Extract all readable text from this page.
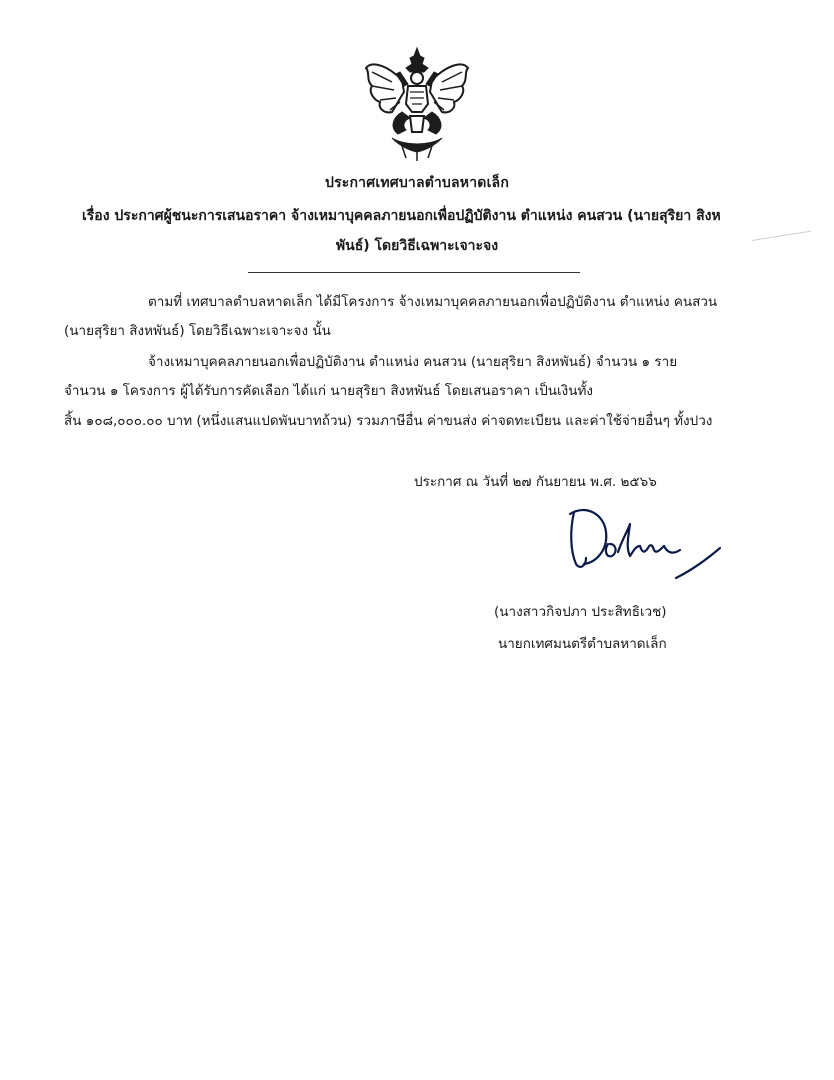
ประกาศเทศบาลตำบลหาดเล็ก
เรื่อง ประกาศผู้ชนะการเสนอราคา จ้างเหมาบุคคลภายนอกเพื่อปฏิบัติงาน ตำแหน่ง คนสวน (นายสุริยา สิงห
พันธ์) โดยวิธีเฉพาะเจาะจง
ตามที่ เทศบาลตำบลหาดเล็ก ได้มีโครงการ จ้างเหมาบุคคลภายนอกเพื่อปฏิบัติงาน ตำแหน่ง คนสวน
(นายสุริยา สิงหพันธ์) โดยวิธีเฉพาะเจาะจง นั้น
จ้างเหมาบุคคลภายนอกเพื่อปฏิบัติงาน ตำแหน่ง คนสวน (นายสุริยา สิงหพันธ์) จำนวน ๑ ราย
จำนวน ๑ โครงการ ผู้ได้รับการคัดเลือก ได้แก่ นายสุริยา สิงหพันธ์ โดยเสนอราคา เป็นเงินทั้ง
สิ้น ๑๐๘,๐๐๐.๐๐ บาท (หนึ่งแสนแปดพันบาทถ้วน) รวมภาษีอื่น ค่าขนส่ง ค่าจดทะเบียน และค่าใช้จ่ายอื่นๆ ทั้งปวง
ประกาศ ณ วันที่ ๒๗ กันยายน พ.ศ. ๒๕๖๖
(นางสาวกิจปภา ประสิทธิเวช)
นายกเทศมนตรีตำบลหาดเล็ก
